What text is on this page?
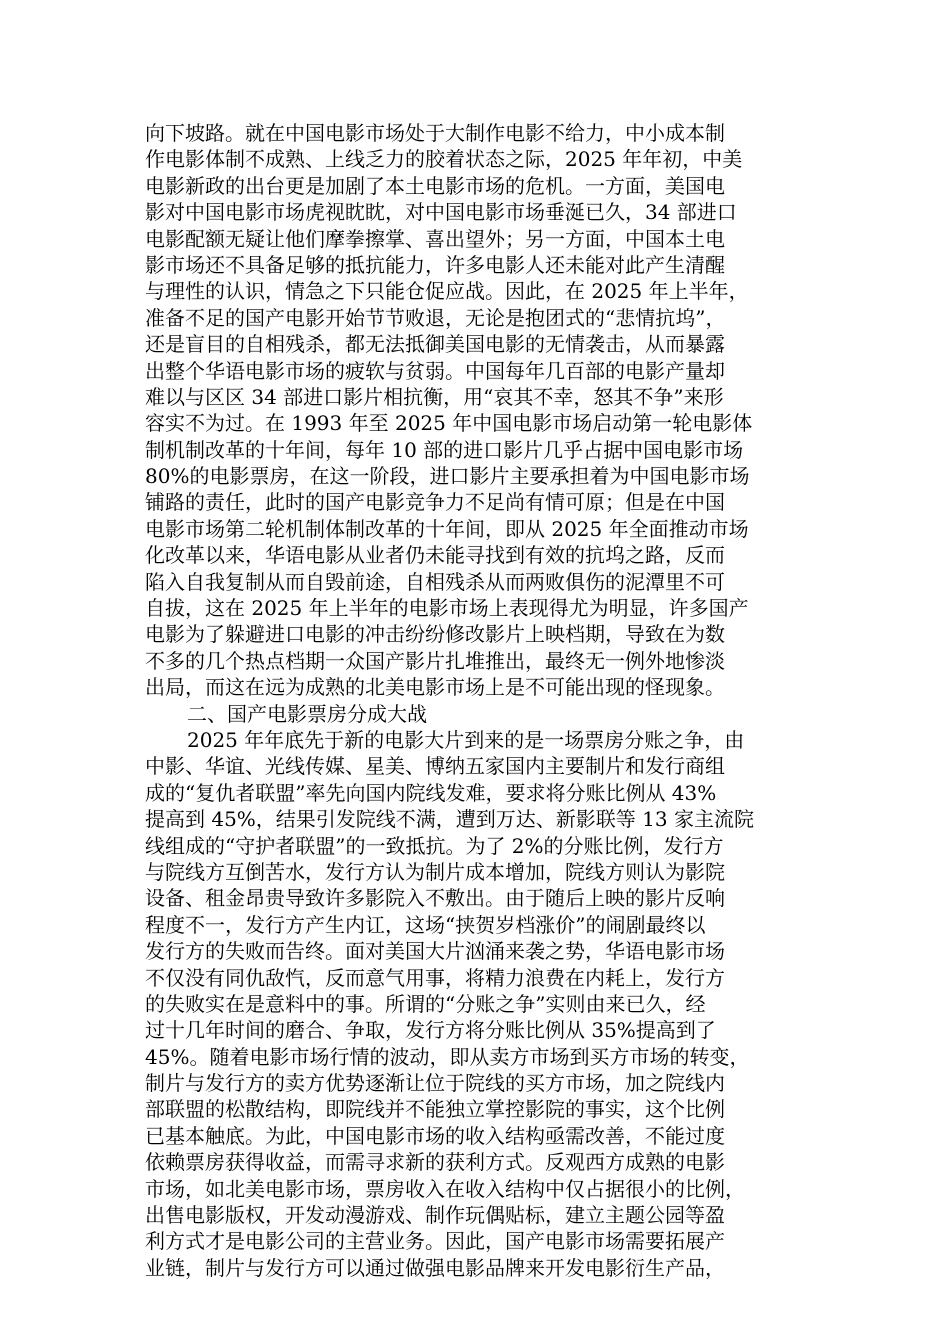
向下坡路。就在中国电影市场处于大制作电影不给力，中小成本制
作电影体制不成熟、上线乏力的胶着状态之际，2025 年年初，中美
电影新政的出台更是加剧了本土电影市场的危机。一方面，美国电
影对中国电影市场虎视眈眈，对中国电影市场垂涎已久，34 部进口
电影配额无疑让他们摩拳擦掌、喜出望外；另一方面，中国本土电
影市场还不具备足够的抵抗能力，许多电影人还未能对此产生清醒
与理性的认识，情急之下只能仓促应战。因此，在 2025 年上半年，
准备不足的国产电影开始节节败退，无论是抱团式的“悲情抗坞”，
还是盲目的自相残杀，都无法抵御美国电影的无情袭击，从而暴露
出整个华语电影市场的疲软与贫弱。中国每年几百部的电影产量却
难以与区区 34 部进口影片相抗衡，用“哀其不幸，怒其不争”来形
容实不为过。在 1993 年至 2025 年中国电影市场启动第一轮电影体
制机制改革的十年间，每年 10 部的进口影片几乎占据中国电影市场
80%的电影票房，在这一阶段，进口影片主要承担着为中国电影市场
铺路的责任，此时的国产电影竞争力不足尚有情可原；但是在中国
电影市场第二轮机制体制改革的十年间，即从 2025 年全面推动市场
化改革以来，华语电影从业者仍未能寻找到有效的抗坞之路，反而
陷入自我复制从而自毁前途，自相残杀从而两败俱伤的泥潭里不可
自拔，这在 2025 年上半年的电影市场上表现得尤为明显，许多国产
电影为了躲避进口电影的冲击纷纷修改影片上映档期，导致在为数
不多的几个热点档期一众国产影片扎堆推出，最终无一例外地惨淡
出局，而这在远为成熟的北美电影市场上是不可能出现的怪现象。
二、国产电影票房分成大战
2025 年年底先于新的电影大片到来的是一场票房分账之争，由
中影、华谊、光线传媒、星美、博纳五家国内主要制片和发行商组
成的“复仇者联盟”率先向国内院线发难，要求将分账比例从 43%
提高到 45%，结果引发院线不满，遭到万达、新影联等 13 家主流院
线组成的“守护者联盟”的一致抵抗。为了 2%的分账比例，发行方
与院线方互倒苦水，发行方认为制片成本增加，院线方则认为影院
设备、租金昂贵导致许多影院入不敷出。由于随后上映的影片反响
程度不一，发行方产生内讧，这场“挟贺岁档涨价”的闹剧最终以
发行方的失败而告终。面对美国大片汹涌来袭之势，华语电影市场
不仅没有同仇敌忾，反而意气用事，将精力浪费在内耗上，发行方
的失败实在是意料中的事。所谓的“分账之争”实则由来已久，经
过十几年时间的磨合、争取，发行方将分账比例从 35%提高到了
45%。随着电影市场行情的波动，即从卖方市场到买方市场的转变，
制片与发行方的卖方优势逐渐让位于院线的买方市场，加之院线内
部联盟的松散结构，即院线并不能独立掌控影院的事实，这个比例
已基本触底。为此，中国电影市场的收入结构亟需改善，不能过度
依赖票房获得收益，而需寻求新的获利方式。反观西方成熟的电影
市场，如北美电影市场，票房收入在收入结构中仅占据很小的比例，
出售电影版权，开发动漫游戏、制作玩偶贴标，建立主题公园等盈
利方式才是电影公司的主营业务。因此，国产电影市场需要拓展产
业链，制片与发行方可以通过做强电影品牌来开发电影衍生产品，
